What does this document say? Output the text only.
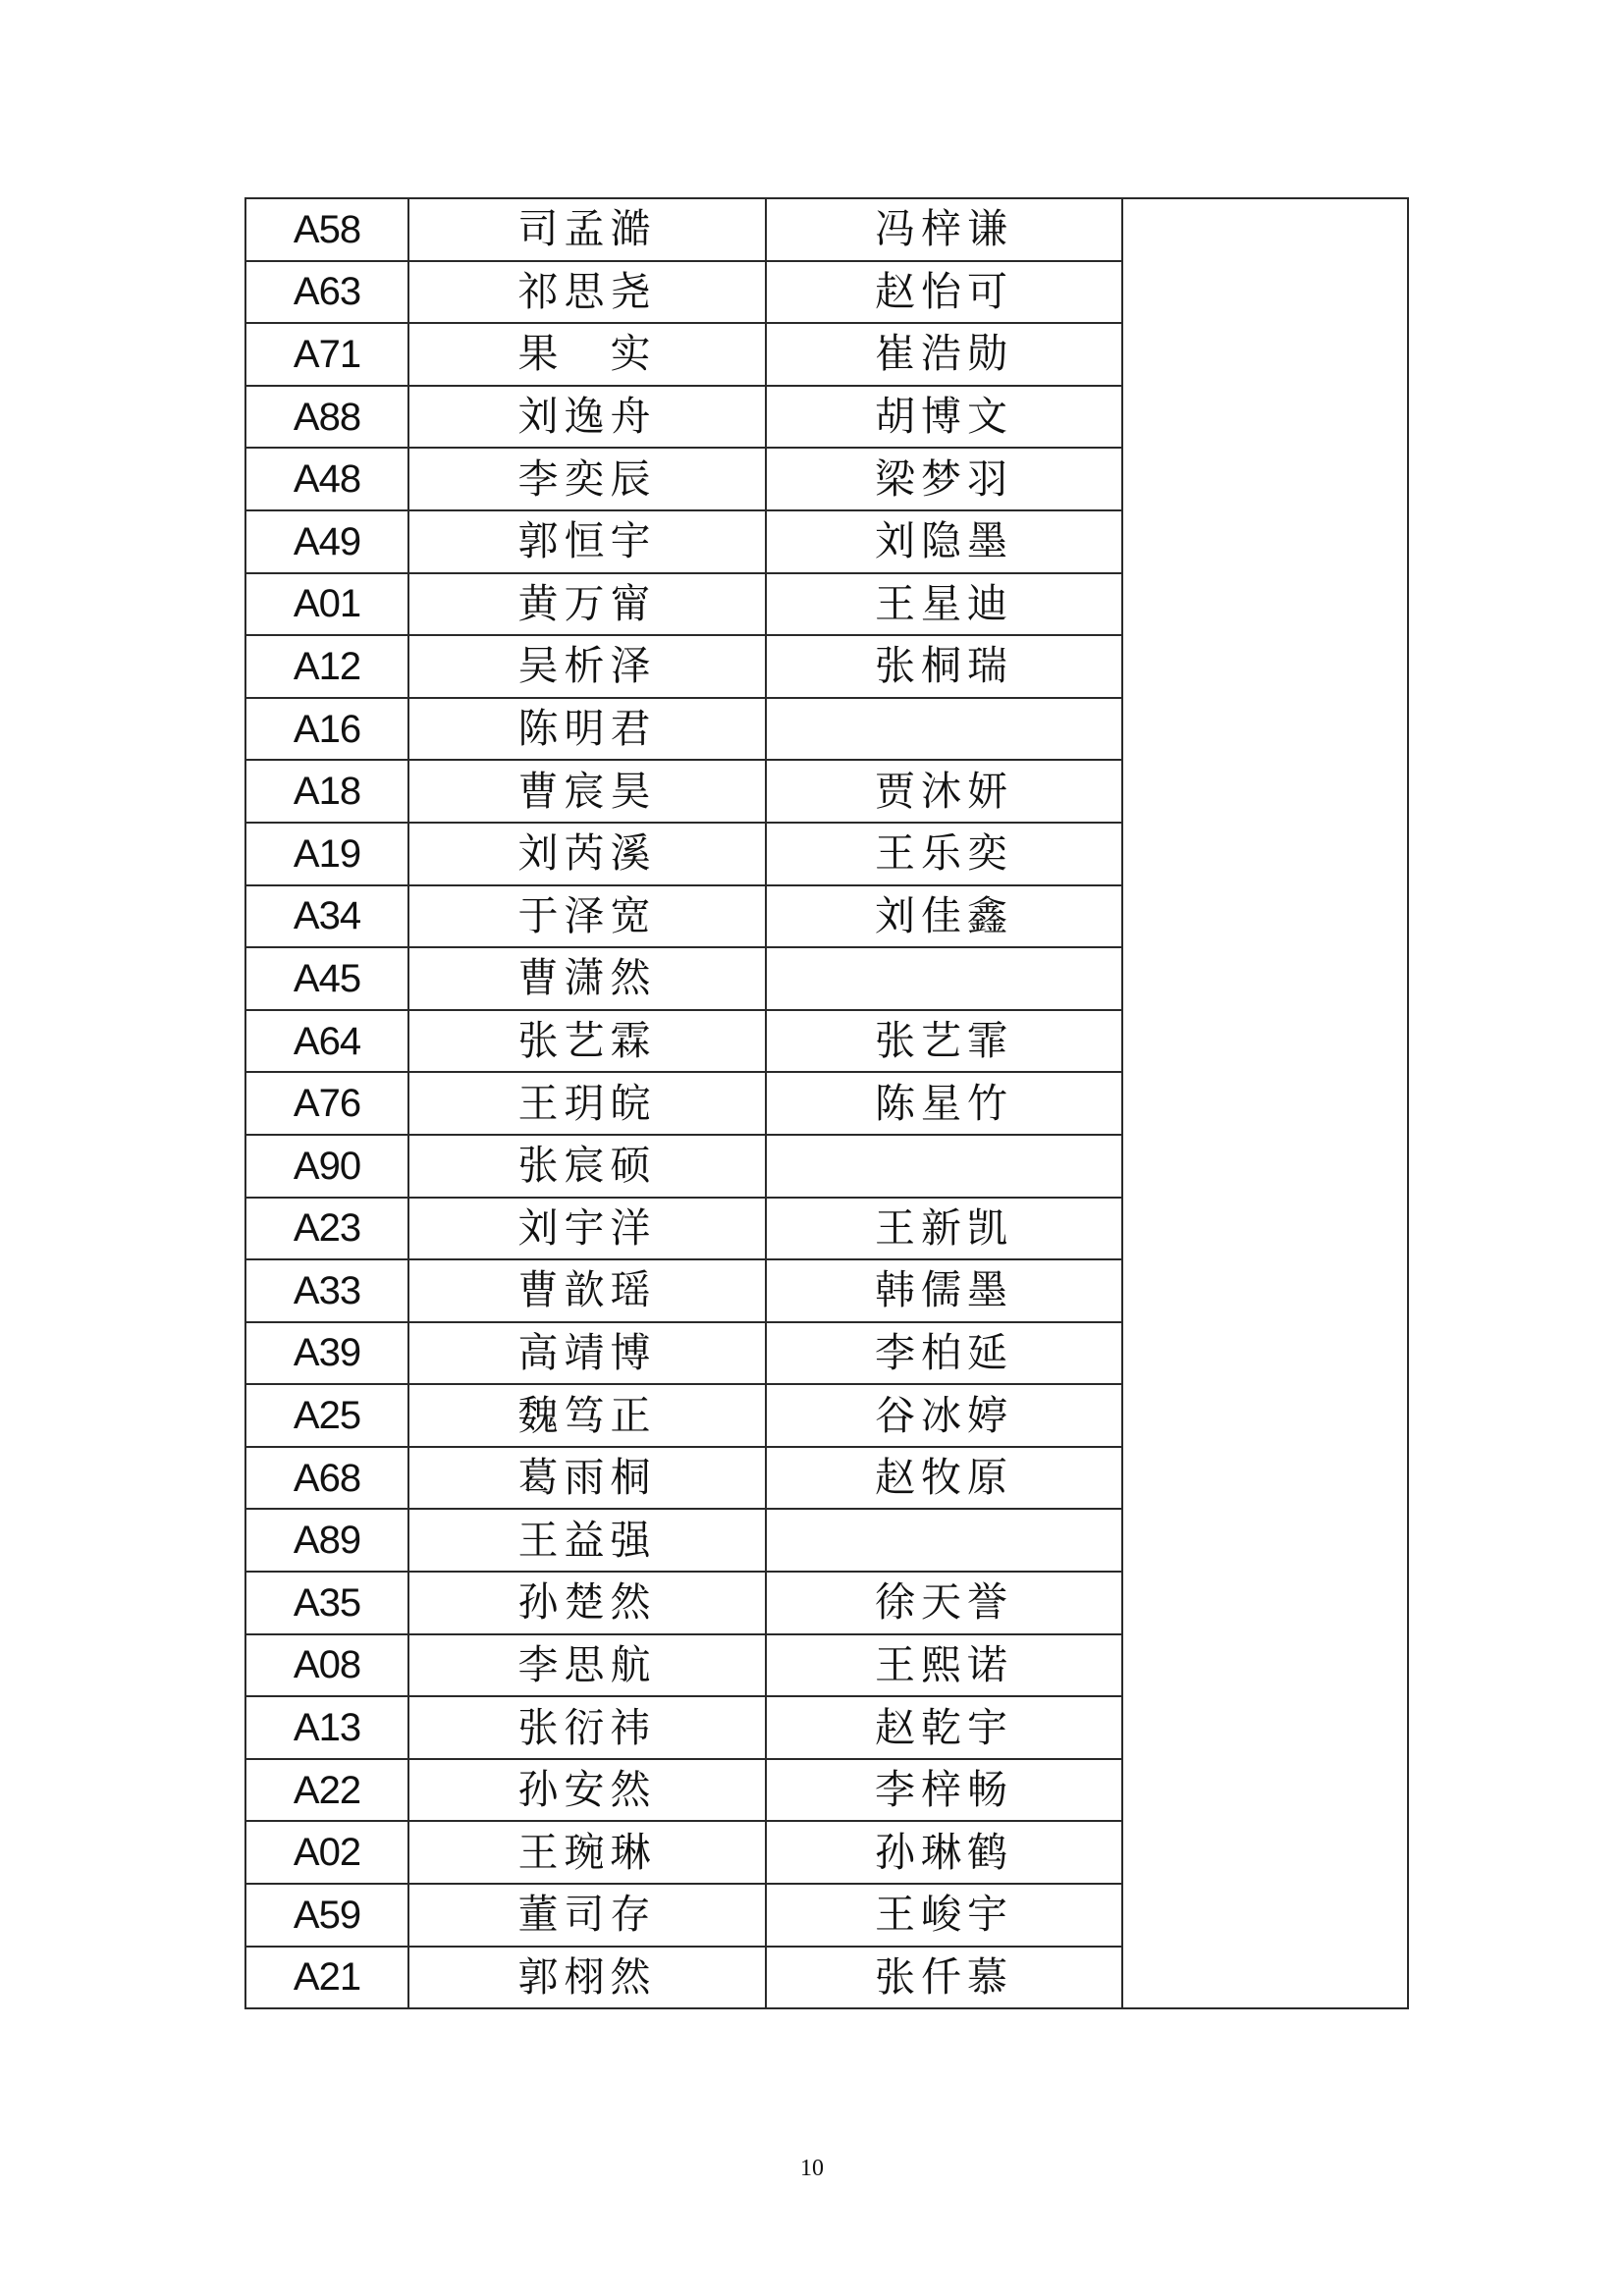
A58	司孟澔	冯梓谦	
A63	祁思尧	赵怡可	
A71	果　实	崔浩勋	
A88	刘逸舟	胡博文	
A48	李奕辰	梁梦羽	
A49	郭恒宇	刘隐墨	
A01	黄万甯	王星迪	
A12	吴析泽	张桐瑞	
A16	陈明君		
A18	曹宸昊	贾沐妍	
A19	刘芮溪	王乐奕	
A34	于泽宽	刘佳鑫	
A45	曹潇然		
A64	张艺霖	张艺霏	
A76	王玥皖	陈星竹	
A90	张宸硕		
A23	刘宇洋	王新凯	
A33	曹歆瑶	韩儒墨	
A39	高靖博	李柏延	
A25	魏笃正	谷冰婷	
A68	葛雨桐	赵牧原	
A89	王益强		
A35	孙楚然	徐天誉	
A08	李思航	王熙诺	
A13	张衍祎	赵乾宇	
A22	孙安然	李梓畅	
A02	王琬琳	孙琳鹤	
A59	董司存	王峻宇	
A21	郭栩然	张仟慕	
10
